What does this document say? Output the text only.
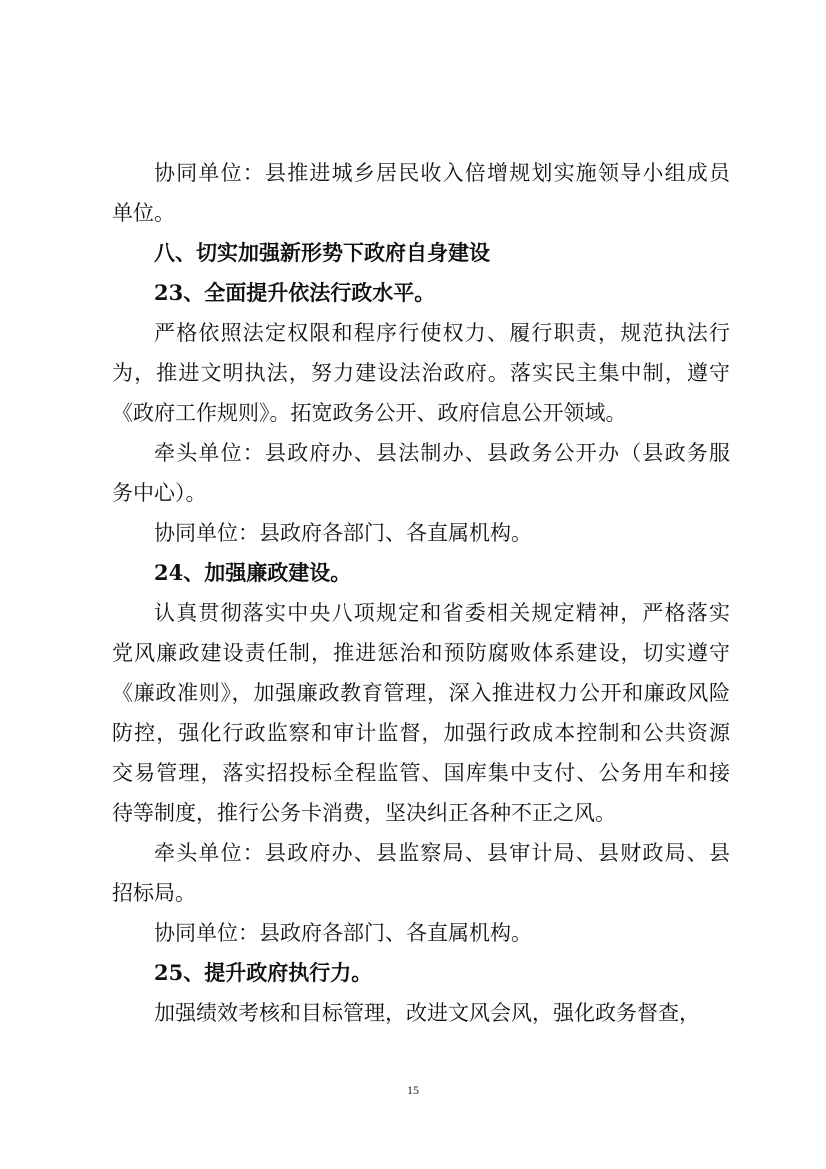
协同单位：县推进城乡居民收入倍增规划实施领导小组成员
单位。
八、切实加强新形势下政府自身建设
23、全面提升依法行政水平。
严格依照法定权限和程序行使权力、履行职责，规范执法行
为，推进文明执法，努力建设法治政府。落实民主集中制，遵守
《政府工作规则》。拓宽政务公开、政府信息公开领域。
牵头单位：县政府办、县法制办、县政务公开办（县政务服
务中心）。
协同单位：县政府各部门、各直属机构。
24、加强廉政建设。
认真贯彻落实中央八项规定和省委相关规定精神，严格落实
党风廉政建设责任制，推进惩治和预防腐败体系建设，切实遵守
《廉政准则》，加强廉政教育管理，深入推进权力公开和廉政风险
防控，强化行政监察和审计监督，加强行政成本控制和公共资源
交易管理，落实招投标全程监管、国库集中支付、公务用车和接
待等制度，推行公务卡消费，坚决纠正各种不正之风。
牵头单位：县政府办、县监察局、县审计局、县财政局、县
招标局。
协同单位：县政府各部门、各直属机构。
25、提升政府执行力。
加强绩效考核和目标管理，改进文风会风，强化政务督查，
15
